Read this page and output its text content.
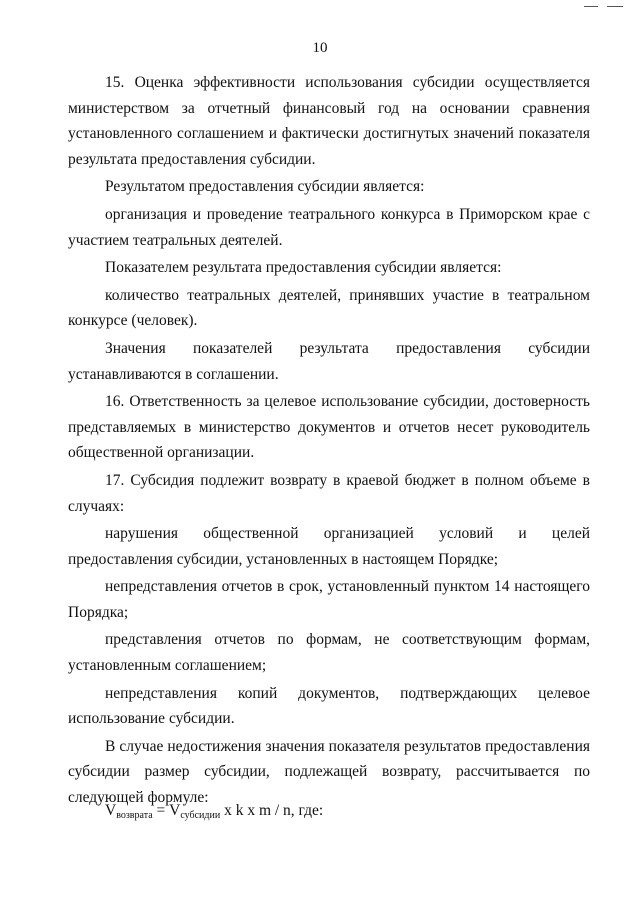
10

15. Оценка эффективности использования субсидии осуществляется министерством за отчетный финансовый год на основании сравнения установленного соглашением и фактически достигнутых значений показателя результата предоставления субсидии.

Результатом предоставления субсидии является:

организация и проведение театрального конкурса в Приморском крае с участием театральных деятелей.

Показателем результата предоставления субсидии является:

количество театральных деятелей, принявших участие в театральном конкурсе (человек).

Значения показателей результата предоставления субсидии устанавливаются в соглашении.

16. Ответственность за целевое использование субсидии, достоверность представляемых в министерство документов и отчетов несет руководитель общественной организации.

17. Субсидия подлежит возврату в краевой бюджет в полном объеме в случаях:

нарушения общественной организацией условий и целей предоставления субсидии, установленных в настоящем Порядке;

непредставления отчетов в срок, установленный пунктом 14 настоящего Порядка;

представления отчетов по формам, не соответствующим формам, установленным соглашением;

непредставления копий документов, подтверждающих целевое использование субсидии.

В случае недостижения значения показателя результатов предоставления субсидии размер субсидии, подлежащей возврату, рассчитывается по следующей формуле:

$V_{возврата} = V_{субсидии}$ x k x m / n, где:
